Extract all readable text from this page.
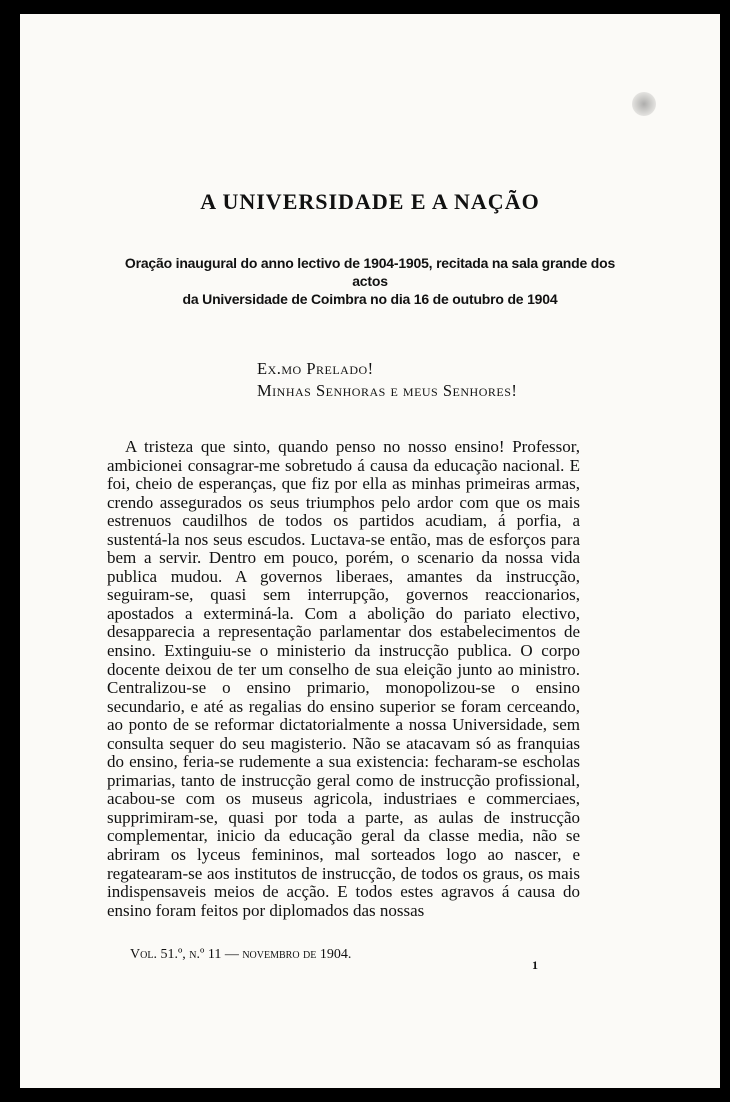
A UNIVERSIDADE E A NAÇÃO
Oração inaugural do anno lectivo de 1904-1905, recitada na sala grande dos actos
da Universidade de Coimbra no dia 16 de outubro de 1904
Ex.mo Prelado!
Minhas Senhoras e meus Senhores!

A tristeza que sinto, quando penso no nosso ensino! Professor, ambicionei consagrar-me sobretudo á causa da educação nacional. E foi, cheio de esperanças, que fiz por ella as minhas primeiras armas, crendo assegurados os seus triumphos pelo ardor com que os mais estrenuos caudilhos de todos os partidos acudiam, á porfia, a sustentá-la nos seus escudos. Luctava-se então, mas de esforços para bem a servir. Dentro em pouco, porém, o scenario da nossa vida publica mudou. A governos liberaes, amantes da instrucção, seguiram-se, quasi sem interrupção, governos reaccionarios, apostados a exterminá-la. Com a abolição do pariato electivo, desapparecia a representação parlamentar dos estabelecimentos de ensino. Extinguiu-se o ministerio da instrucção publica. O corpo docente deixou de ter um conselho de sua eleição junto ao ministro. Centralizou-se o ensino primario, monopolizou-se o ensino secundario, e até as regalias do ensino superior se foram cerceando, ao ponto de se reformar dictatorialmente a nossa Universidade, sem consulta sequer do seu magisterio. Não se atacavam só as franquias do ensino, feria-se rudemente a sua existencia: fecharam-se escholas primarias, tanto de instrucção geral como de instrucção profissional, acabou-se com os museus agricola, industriaes e commerciaes, supprimiram-se, quasi por toda a parte, as aulas de instrucção complementar, inicio da educação geral da classe media, não se abriram os lyceus femininos, mal sorteados logo ao nascer, e regatearam-se aos institutos de instrucção, de todos os graus, os mais indispensaveis meios de acção. E todos estes agravos á causa do ensino foram feitos por diplomados das nossas

Vol. 51.º, n.º 11 — novembro de 1904.
1
